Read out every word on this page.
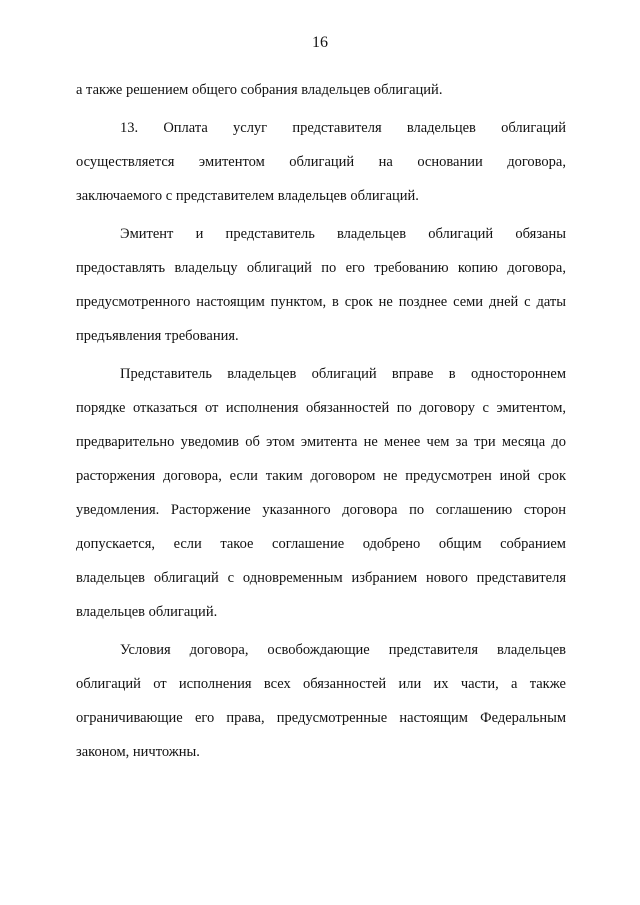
16
а также решением общего собрания владельцев облигаций.
13. Оплата услуг представителя владельцев облигаций
осуществляется эмитентом облигаций на основании договора,
заключаемого с представителем владельцев облигаций.
Эмитент и представитель владельцев облигаций обязаны
предоставлять владельцу облигаций по его требованию копию договора,
предусмотренного настоящим пунктом, в срок не позднее семи дней с даты
предъявления требования.
Представитель владельцев облигаций вправе в одностороннем
порядке отказаться от исполнения обязанностей по договору с эмитентом,
предварительно уведомив об этом эмитента не менее чем за три месяца до
расторжения договора, если таким договором не предусмотрен иной срок
уведомления. Расторжение указанного договора по соглашению сторон
допускается, если такое соглашение одобрено общим собранием
владельцев облигаций с одновременным избранием нового представителя
владельцев облигаций.
Условия договора, освобождающие представителя владельцев
облигаций от исполнения всех обязанностей или их части, а также
ограничивающие его права, предусмотренные настоящим Федеральным
законом, ничтожны.
